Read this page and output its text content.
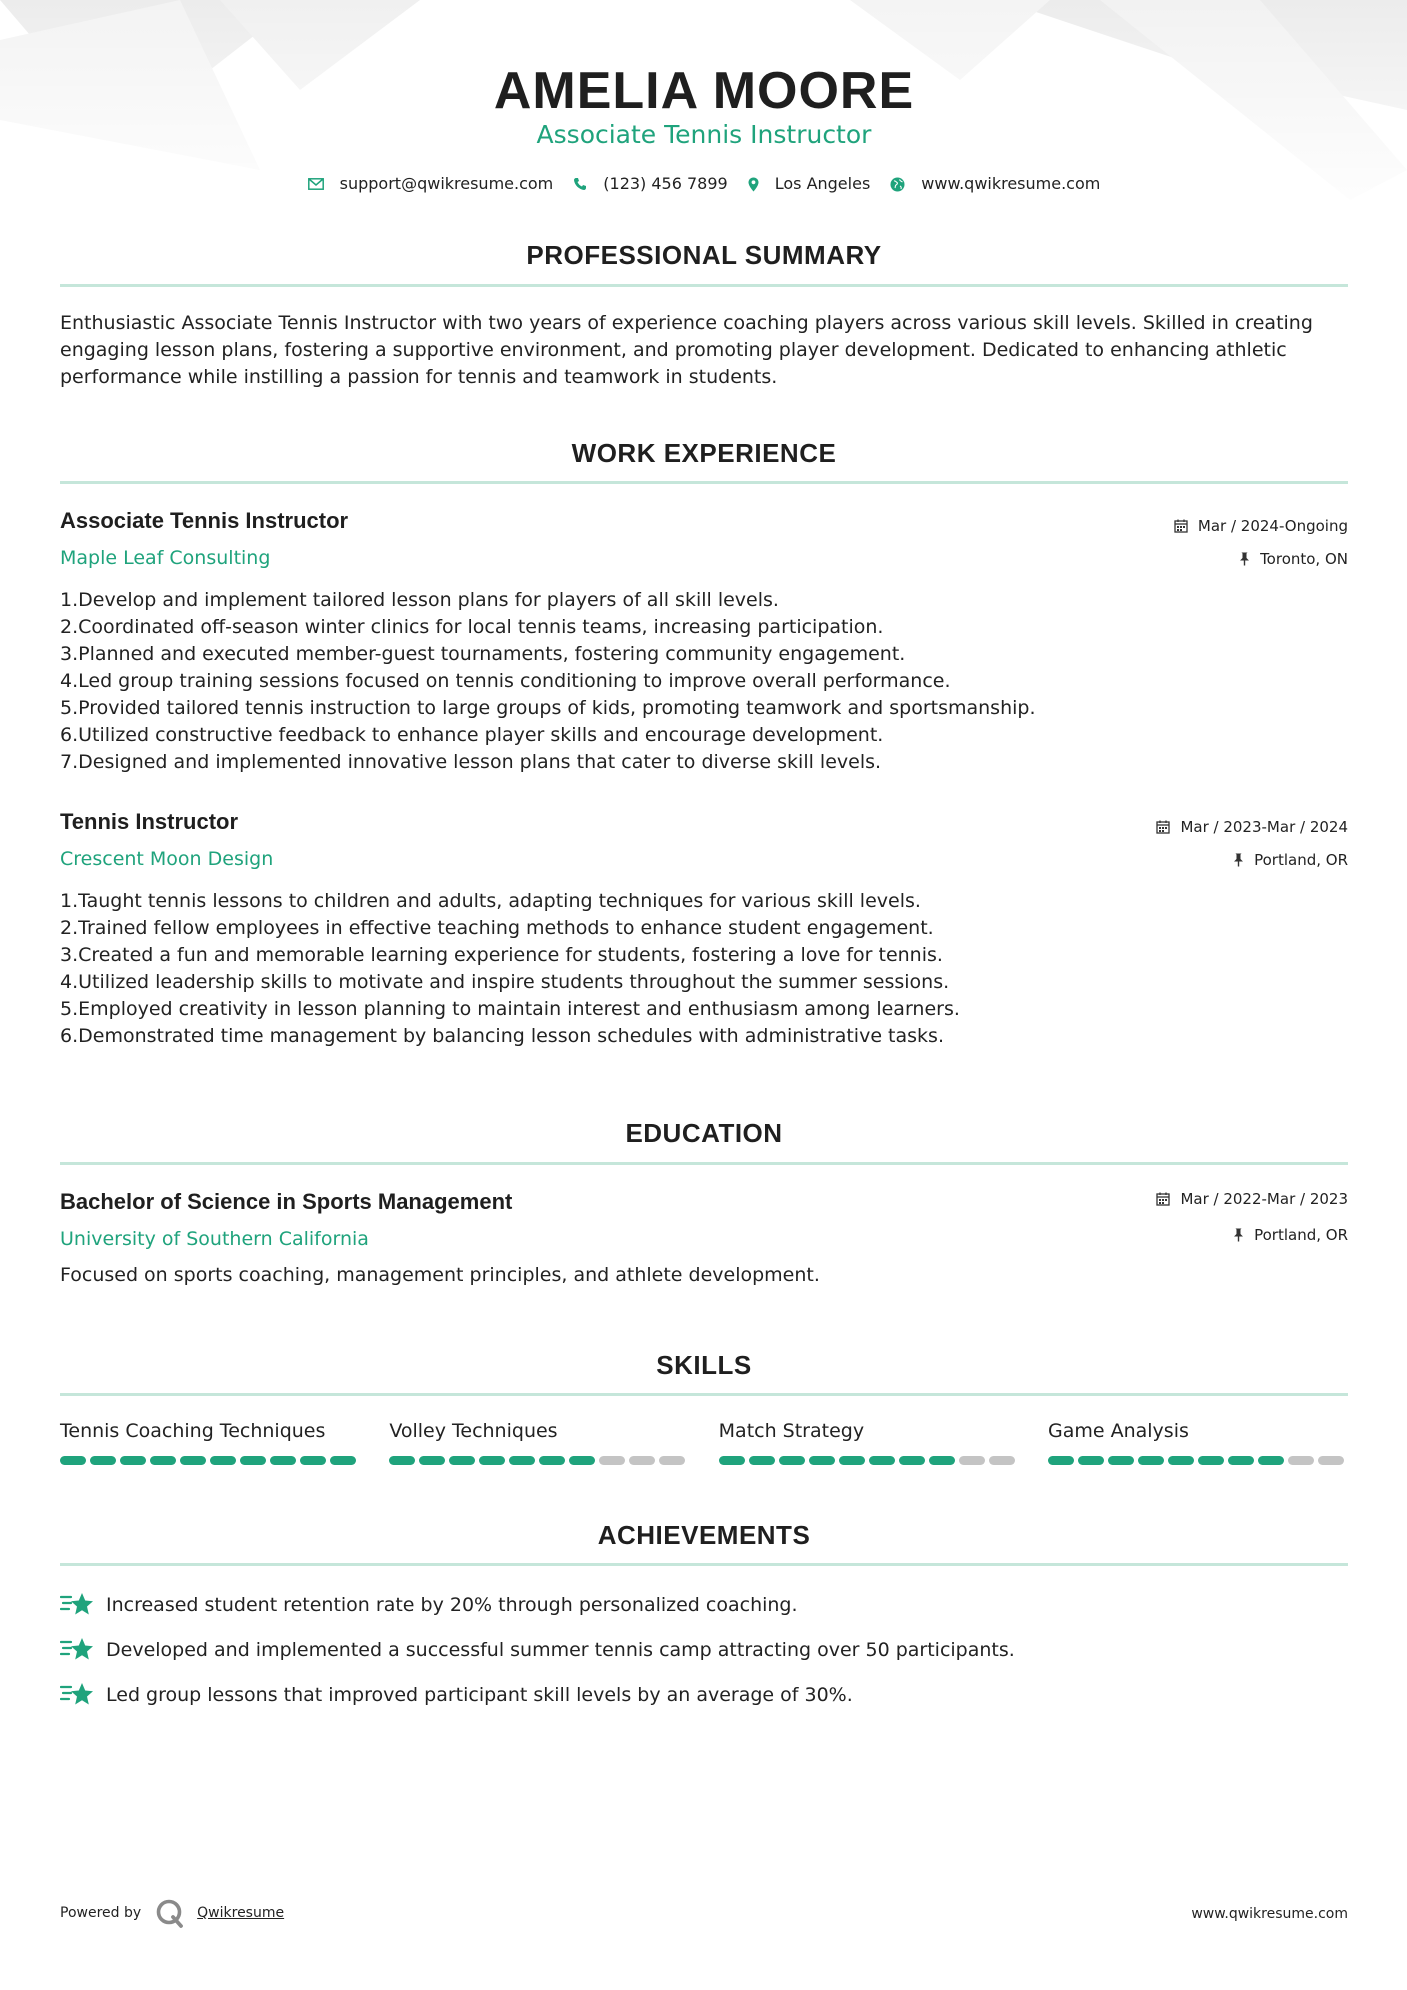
AMELIA MOORE
Associate Tennis Instructor
support@qwikresume.com	(123) 456 7899	Los Angeles	www.qwikresume.com
PROFESSIONAL SUMMARY

Enthusiastic Associate Tennis Instructor with two years of experience coaching players across various skill levels. Skilled in creating engaging lesson plans, fostering a supportive environment, and promoting player development. Dedicated to enhancing athletic performance while instilling a passion for tennis and teamwork in students.

WORK EXPERIENCE
Associate Tennis Instructor	Mar / 2024-Ongoing
Maple Leaf Consulting	Toronto, ON
1. Develop and implement tailored lesson plans for players of all skill levels.
2. Coordinated off-season winter clinics for local tennis teams, increasing participation.
3. Planned and executed member-guest tournaments, fostering community engagement.
4. Led group training sessions focused on tennis conditioning to improve overall performance.
5. Provided tailored tennis instruction to large groups of kids, promoting teamwork and sportsmanship.
6. Utilized constructive feedback to enhance player skills and encourage development.
7. Designed and implemented innovative lesson plans that cater to diverse skill levels.
Tennis Instructor	Mar / 2023-Mar / 2024
Crescent Moon Design	Portland, OR
1. Taught tennis lessons to children and adults, adapting techniques for various skill levels.
2. Trained fellow employees in effective teaching methods to enhance student engagement.
3. Created a fun and memorable learning experience for students, fostering a love for tennis.
4. Utilized leadership skills to motivate and inspire students throughout the summer sessions.
5. Employed creativity in lesson planning to maintain interest and enthusiasm among learners.
6. Demonstrated time management by balancing lesson schedules with administrative tasks.
EDUCATION
Bachelor of Science in Sports Management	Mar / 2022-Mar / 2023
University of Southern California	Portland, OR

Focused on sports coaching, management principles, and athlete development.

SKILLS
Tennis Coaching Techniques	Volley Techniques	Match Strategy	Game Analysis
ACHIEVEMENTS
Increased student retention rate by 20% through personalized coaching.
Developed and implemented a successful summer tennis camp attracting over 50 participants.
Led group lessons that improved participant skill levels by an average of 30%.
Powered by	Qwikresume	www.qwikresume.com
